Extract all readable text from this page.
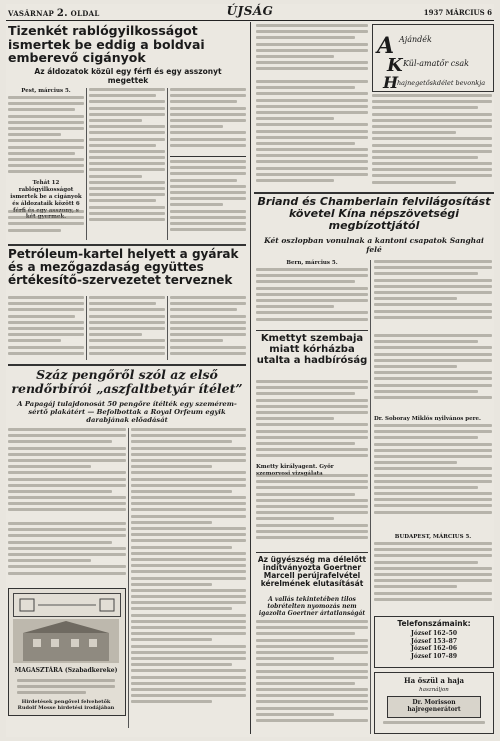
VASÁRNAP 2. OLDAL	ÚJSÁG	1937 MÁRCIUS 6
Tizenkét rablógyilkosságot ismertek be eddig a boldvai emberevő cigányok
Az áldozatok közül egy férfi és egy asszonyt megettek
Pest, március 5.
Tehát 12 rablógyilkosságot ismertek be a cigányok és áldozataik között 6
Petróleum-kartel helyett a gyárak és a mezőgazdaság együttes értékesítő-szervezetet terveznek
Száz pengőről szól az első rendőrbírói „aszfaltbetyár ítélet”
A Papagáj tulajdonosát 50 pengőre ítélték egy szemérem-sértő plakátért — Befolbottak a Royal Orfeum egyik darabjának előadását
MAGASZTÁRA (Szabadkereke)
Hirdetések pengővel felvehetők Rudolf Mosse hirdetési irodájában
A Ajándék
K Kül-amatőr csak
H
hajnegetőskdélet bevonkja
Briand és Chamberlain felvilágosítást követel Kína népszövetségi megbízottjától
Két oszlopban vonulnak a kantoni csapatok Sanghai felé
Bern, március 5.
Kmettyt szembaja miatt kórházba utalta a hadbíróság
Kmetty királyagent. Győr
Az ügyészség ma délelőtt indítványozta Goertner Marcell perújrafelvétel kérelmének elutasítását
A vallás tekintetében tilos tobrételten nyomozás nem igazolta Goertner ártatlanságát
Dr. Soboray Miklós nyilvános pere.
BUDAPEST, MÁRCIUS 5.
Telefonszámaink:
József 162–50
József 153–87
József 162–06
József 107–89
Ha őszül a haja
használjon
Dr. Morisson hajregenerátort
